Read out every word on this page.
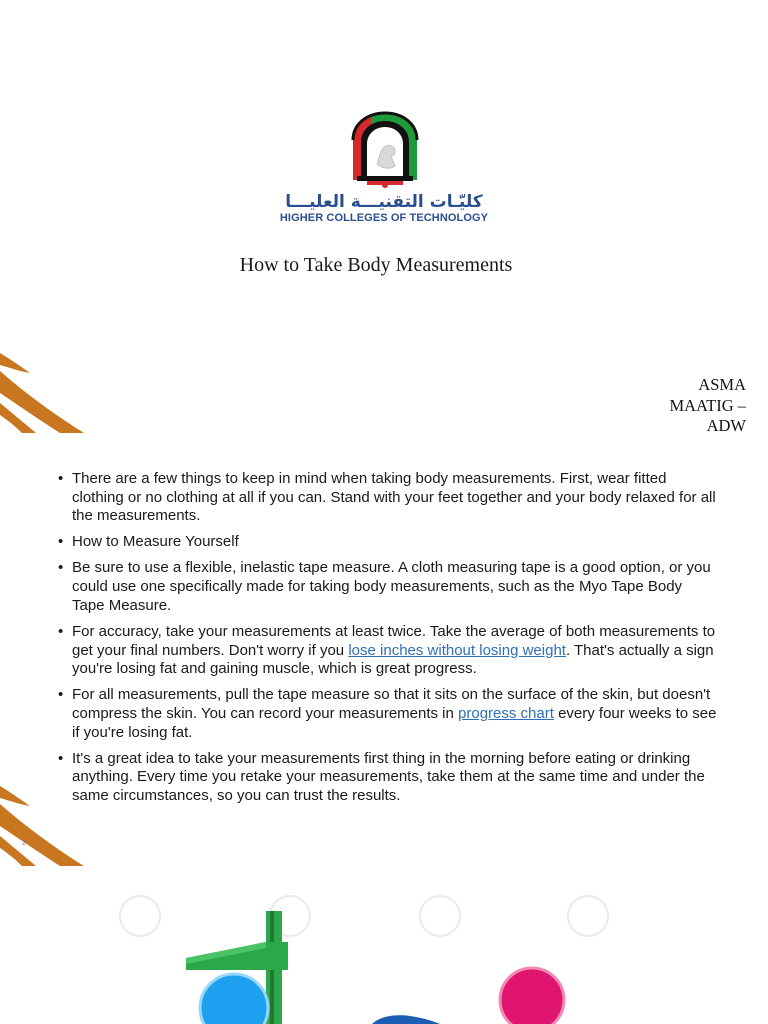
كليّـات التقنيـــة العليـــا
HIGHER COLLEGES OF TECHNOLOGY
How to Take Body Measurements
ASMA
MAATIG –
ADW
• There are a few things to keep in mind when taking body measurements. First, wear fitted clothing or no clothing at all if you can. Stand with your feet together and your body relaxed for all the measurements.
• How to Measure Yourself
• Be sure to use a flexible, inelastic tape measure. A cloth measuring tape is a good option, or you could use one specifically made for taking body measurements, such as the Myo Tape Body Tape Measure.
• For accuracy, take your measurements at least twice. Take the average of both measurements to get your final numbers. Don't worry if you lose inches without losing weight. That's actually a sign you're losing fat and gaining muscle, which is great progress.
• For all measurements, pull the tape measure so that it sits on the surface of the skin, but doesn't compress the skin. You can record your measurements in progress chart every four weeks to see if you're losing fat.
• It's a great idea to take your measurements first thing in the morning before eating or drinking anything. Every time you retake your measurements, take them at the same time and under the same circumstances, so you can trust the results.
2
